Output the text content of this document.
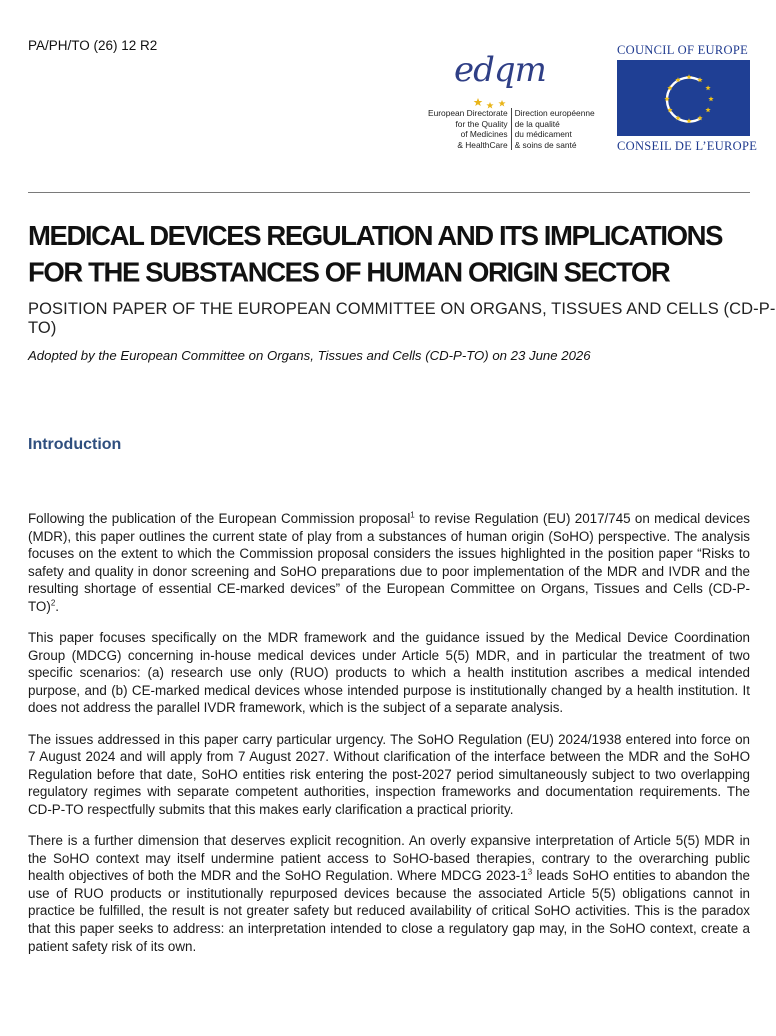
PA/PH/TO (26) 12 R2
edqm
European Directorate
for the Quality
of Medicines
& HealthCare
Direction européenne
de la qualité
du médicament
& soins de santé
COUNCIL OF EUROPE
CONSEIL DE L’EUROPE
MEDICAL DEVICES REGULATION AND ITS IMPLICATIONS
FOR THE SUBSTANCES OF HUMAN ORIGIN SECTOR
POSITION PAPER OF THE EUROPEAN COMMITTEE ON ORGANS, TISSUES AND CELLS (CD-P-TO)
Adopted by the European Committee on Organs, Tissues and Cells (CD-P-TO) on 23 June 2026
Introduction

Following the publication of the European Commission proposal$^1$ to revise Regulation (EU) 2017/745 on medical devices (MDR), this paper outlines the current state of play from a substances of human origin (SoHO) perspective. The analysis focuses on the extent to which the Commission proposal considers the issues highlighted in the position paper “Risks to safety and quality in donor screening and SoHO preparations due to poor implementation of the MDR and IVDR and the resulting shortage of essential CE-marked devices” of the European Committee on Organs, Tissues and Cells $(CD-P-TO)^2$.

This paper focuses specifically on the MDR framework and the guidance issued by the Medical Device Coordination Group (MDCG) concerning in-house medical devices under Article 5(5) MDR, and in particular the treatment of two specific scenarios: (a) research use only (RUO) products to which a health institution ascribes a medical intended purpose, and (b) CE-marked medical devices whose intended purpose is institutionally changed by a health institution. It does not address the parallel IVDR framework, which is the subject of a separate analysis.

The issues addressed in this paper carry particular urgency. The SoHO Regulation (EU) 2024/1938 entered into force on 7 August 2024 and will apply from 7 August 2027. Without clarification of the interface between the MDR and the SoHO Regulation before that date, SoHO entities risk entering the post-2027 period simultaneously subject to two overlapping regulatory regimes with separate competent authorities, inspection frameworks and documentation requirements. The CD-P-TO respectfully submits that this makes early clarification a practical priority.

There is a further dimension that deserves explicit recognition. An overly expansive interpretation of Article 5(5) MDR in the SoHO context may itself undermine patient access to SoHO-based therapies, contrary to the overarching public health objectives of both the MDR and the SoHO Regulation. Where MDCG $2023-1^3$ leads SoHO entities to abandon the use of RUO products or institutionally repurposed devices because the associated Article 5(5) obligations cannot in practice be fulfilled, the result is not greater safety but reduced availability of critical SoHO activities. This is the paradox that this paper seeks to address: an interpretation intended to close a regulatory gap may, in the SoHO context, create a patient safety risk of its own.
